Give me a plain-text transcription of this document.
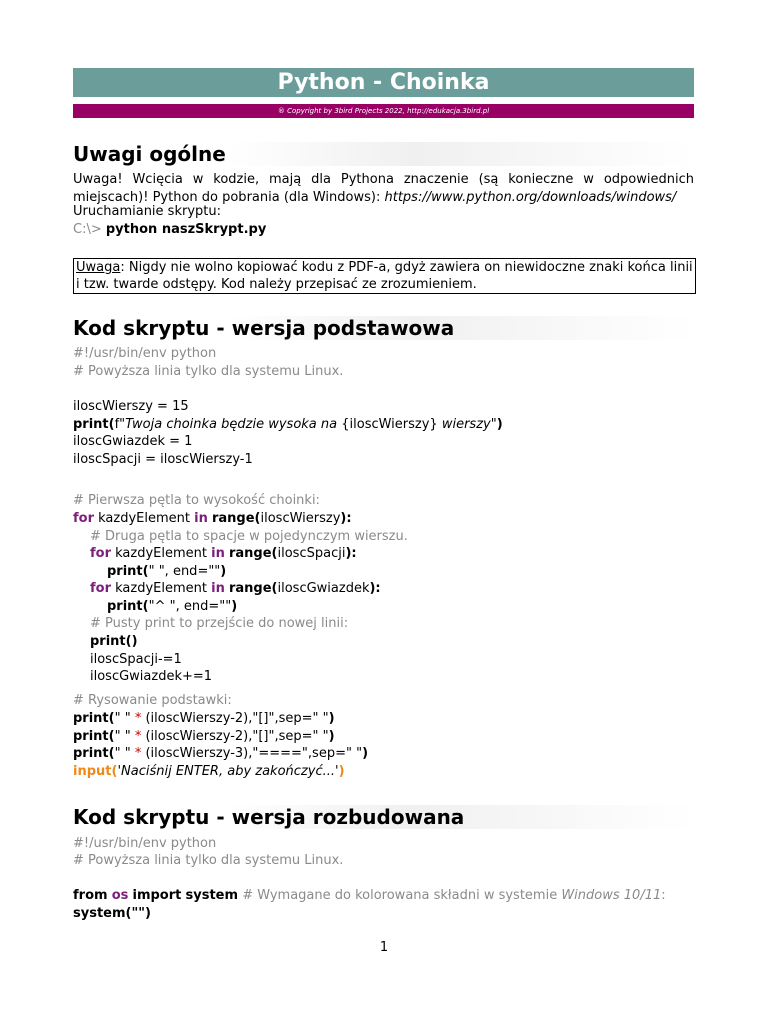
Python - Choinka
® Copyright by 3bird Projects 2022, http://edukacja.3bird.pl
Uwagi ogólne
Uwaga! Wcięcia w kodzie, mają dla Pythona znaczenie (są konieczne w odpowiednich miejscach)! Python do pobrania (dla Windows): https://www.python.org/downloads/windows/
Uruchamianie skryptu:
C:\> python naszSkrypt.py
Uwaga: Nigdy nie wolno kopiować kodu z PDF-a, gdyż zawiera on niewidoczne znaki końca linii i tzw. twarde odstępy. Kod należy przepisać ze zrozumieniem.
Kod skryptu - wersja podstawowa
#!/usr/bin/env python
# Powyższa linia tylko dla systemu Linux.
iloscWierszy = 15
print(f"Twoja choinka będzie wysoka na {iloscWierszy} wierszy")
iloscGwiazdek = 1
iloscSpacji = iloscWierszy-1
# Pierwsza pętla to wysokość choinki:
for kazdyElement in range(iloscWierszy):
# Druga pętla to spacje w pojedynczym wierszu.
for kazdyElement in range(iloscSpacji):
print(" ", end="")
for kazdyElement in range(iloscGwiazdek):
print("^ ", end="")
# Pusty print to przejście do nowej linii:
print()
iloscSpacji-=1
iloscGwiazdek+=1
# Rysowanie podstawki:
print(" " * (iloscWierszy-2),"[]",sep=" ")
print(" " * (iloscWierszy-2),"[]",sep=" ")
print(" " * (iloscWierszy-3),"====",sep=" ")
input('Naciśnij ENTER, aby zakończyć...')
Kod skryptu - wersja rozbudowana
#!/usr/bin/env python
# Powyższa linia tylko dla systemu Linux.
from os import system # Wymagane do kolorowana składni w systemie Windows 10/11:
system("")
1
